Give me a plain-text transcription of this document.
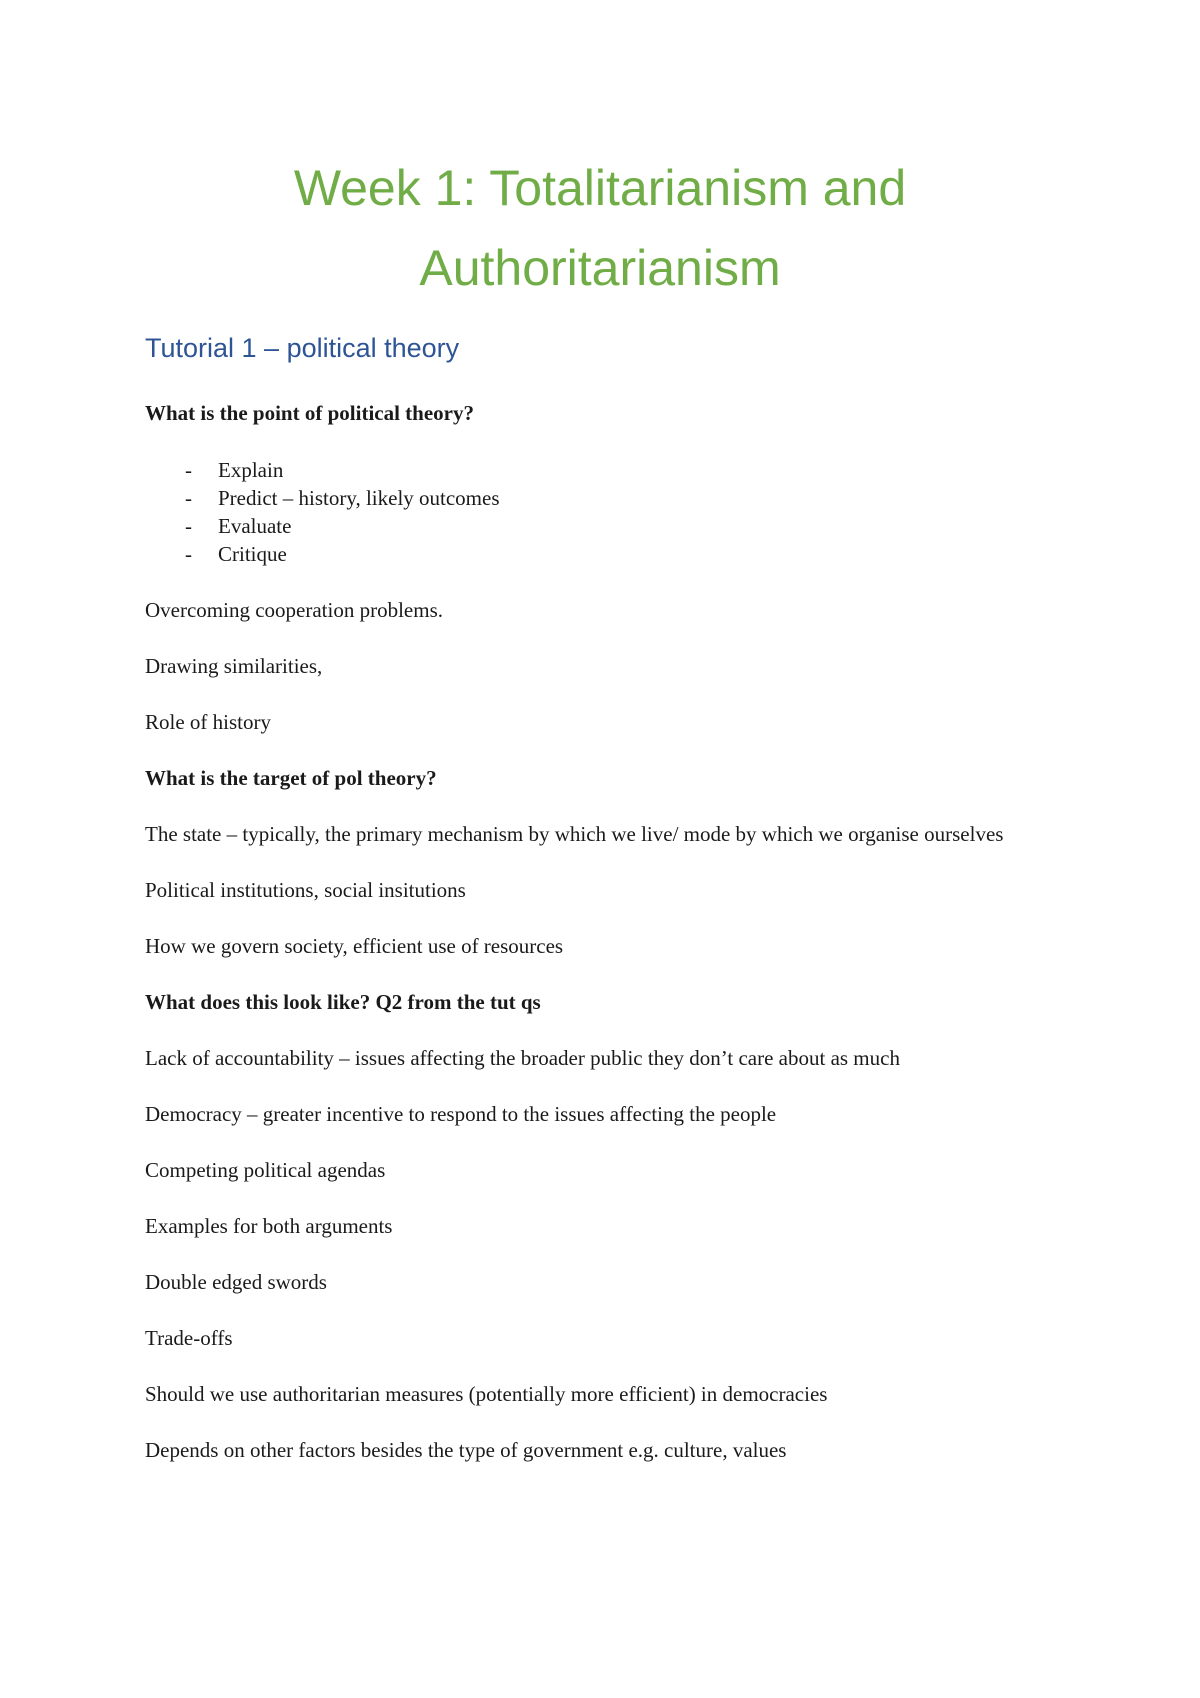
Week 1: Totalitarianism and
Authoritarianism
Tutorial 1 – political theory

What is the point of political theory?

- Explain
- Predict – history, likely outcomes
- Evaluate
- Critique

Overcoming cooperation problems.

Drawing similarities,

Role of history

What is the target of pol theory?

The state – typically, the primary mechanism by which we live/ mode by which we organise ourselves

Political institutions, social insitutions

How we govern society, efficient use of resources

What does this look like? Q2 from the tut qs

Lack of accountability – issues affecting the broader public they don’t care about as much

Democracy – greater incentive to respond to the issues affecting the people

Competing political agendas

Examples for both arguments

Double edged swords

Trade-offs

Should we use authoritarian measures (potentially more efficient) in democracies

Depends on other factors besides the type of government e.g. culture, values
